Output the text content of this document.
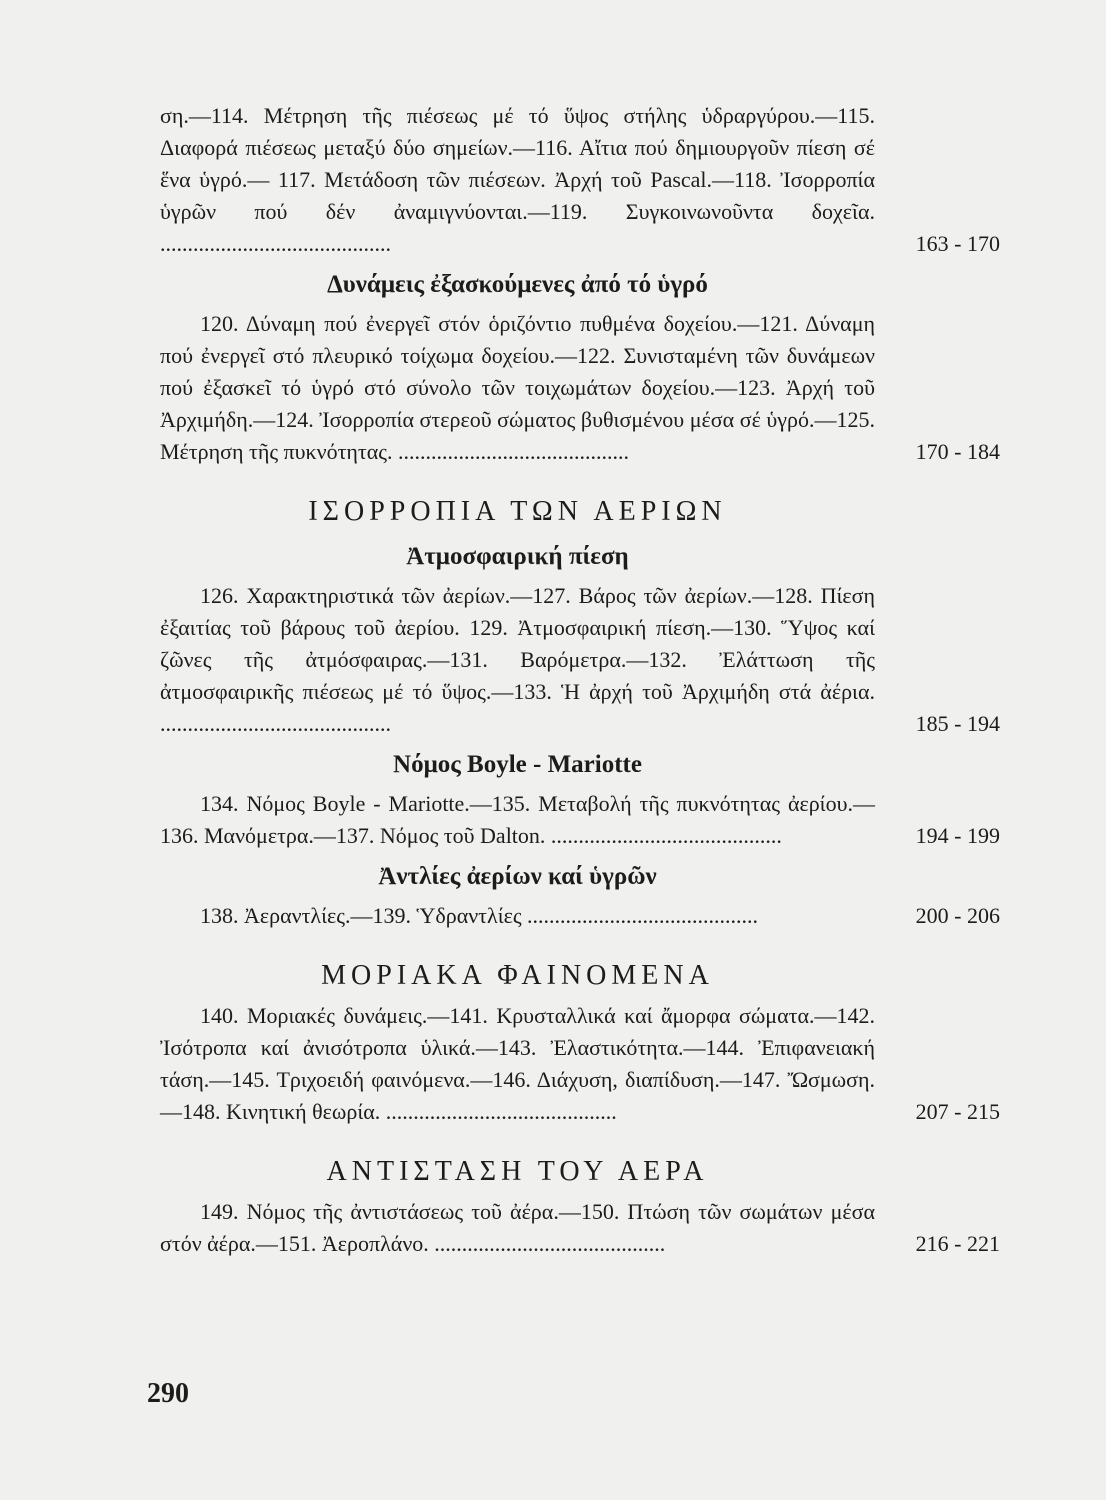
ση.—114. Μέτρηση τῆς πιέσεως μέ τό ὕψος στήλης ὑδραργύρου.—115. Διαφορά πιέσεως μεταξύ δύο σημείων.—116. Αἴτια πού δημιουργοῦν πίεση σέ ἕνα ὑγρό.— 117. Μετάδοση τῶν πιέσεων. Ἀρχή τοῦ Pascal.—118. Ἰσορροπία ὑγρῶν πού δέν ἀναμιγνύονται.—119. Συγκοινωνοῦντα δοχεῖα. ..........................................	163 - 170
Δυνάμεις ἐξασκούμενες ἀπό τό ὑγρό

120. Δύναμη πού ἐνεργεῖ στόν ὁριζόντιο πυθμένα δοχείου.—121. Δύναμη πού ἐνεργεῖ στό πλευρικό τοίχωμα δοχείου.—122. Συνισταμένη τῶν δυνάμεων πού ἐξασκεῖ τό ὑγρό στό σύνολο τῶν τοιχωμάτων δοχείου.—123. Ἀρχή τοῦ Ἀρχιμήδη.—124. Ἰσορροπία στερεοῦ σώματος βυθισμένου μέσα σέ ὑγρό.—125. Μέτρηση τῆς πυκνότητας. ..........................................	170 - 184
ΙΣΟΡΡΟΠΙΑ ΤΩΝ ΑΕΡΙΩΝ
Ἀτμοσφαιρική πίεση

126. Χαρακτηριστικά τῶν ἀερίων.—127. Βάρος τῶν ἀερίων.—128. Πίεση ἐξαιτίας τοῦ βάρους τοῦ ἀερίου. 129. Ἀτμοσφαιρική πίεση.—130. Ὕψος καί ζῶνες τῆς ἀτμόσφαιρας.—131. Βαρόμετρα.—132. Ἐλάττωση τῆς ἀτμοσφαιρικῆς πιέσεως μέ τό ὕψος.—133. Ἡ ἀρχή τοῦ Ἀρχιμήδη στά ἀέρια. ..........................................	185 - 194
Νόμος Boyle - Mariotte

134. Νόμος Boyle - Mariotte.—135. Μεταβολή τῆς πυκνότητας ἀερίου.—136. Μανόμετρα.—137. Νόμος τοῦ Dalton. ..........................................	194 - 199
Ἀντλίες ἀερίων καί ὑγρῶν

138. Ἀεραντλίες.—139. Ὑδραντλίες ..........................................	200 - 206
ΜΟΡΙΑΚΑ ΦΑΙΝΟΜΕΝΑ

140. Μοριακές δυνάμεις.—141. Κρυσταλλικά καί ἄμορφα σώματα.—142. Ἰσότροπα καί ἀνισότροπα ὑλικά.—143. Ἐλαστικότητα.—144. Ἐπιφανειακή τάση.—145. Τριχοειδή φαινόμενα.—146. Διάχυση, διαπίδυση.—147. Ὤσμωση.—148. Κινητική θεωρία. ..........................................	207 - 215
ΑΝΤΙΣΤΑΣΗ ΤΟΥ ΑΕΡΑ

149. Νόμος τῆς ἀντιστάσεως τοῦ ἀέρα.—150. Πτώση τῶν σωμάτων μέσα στόν ἀέρα.—151. Ἀεροπλάνο. ..........................................	216 - 221
290
